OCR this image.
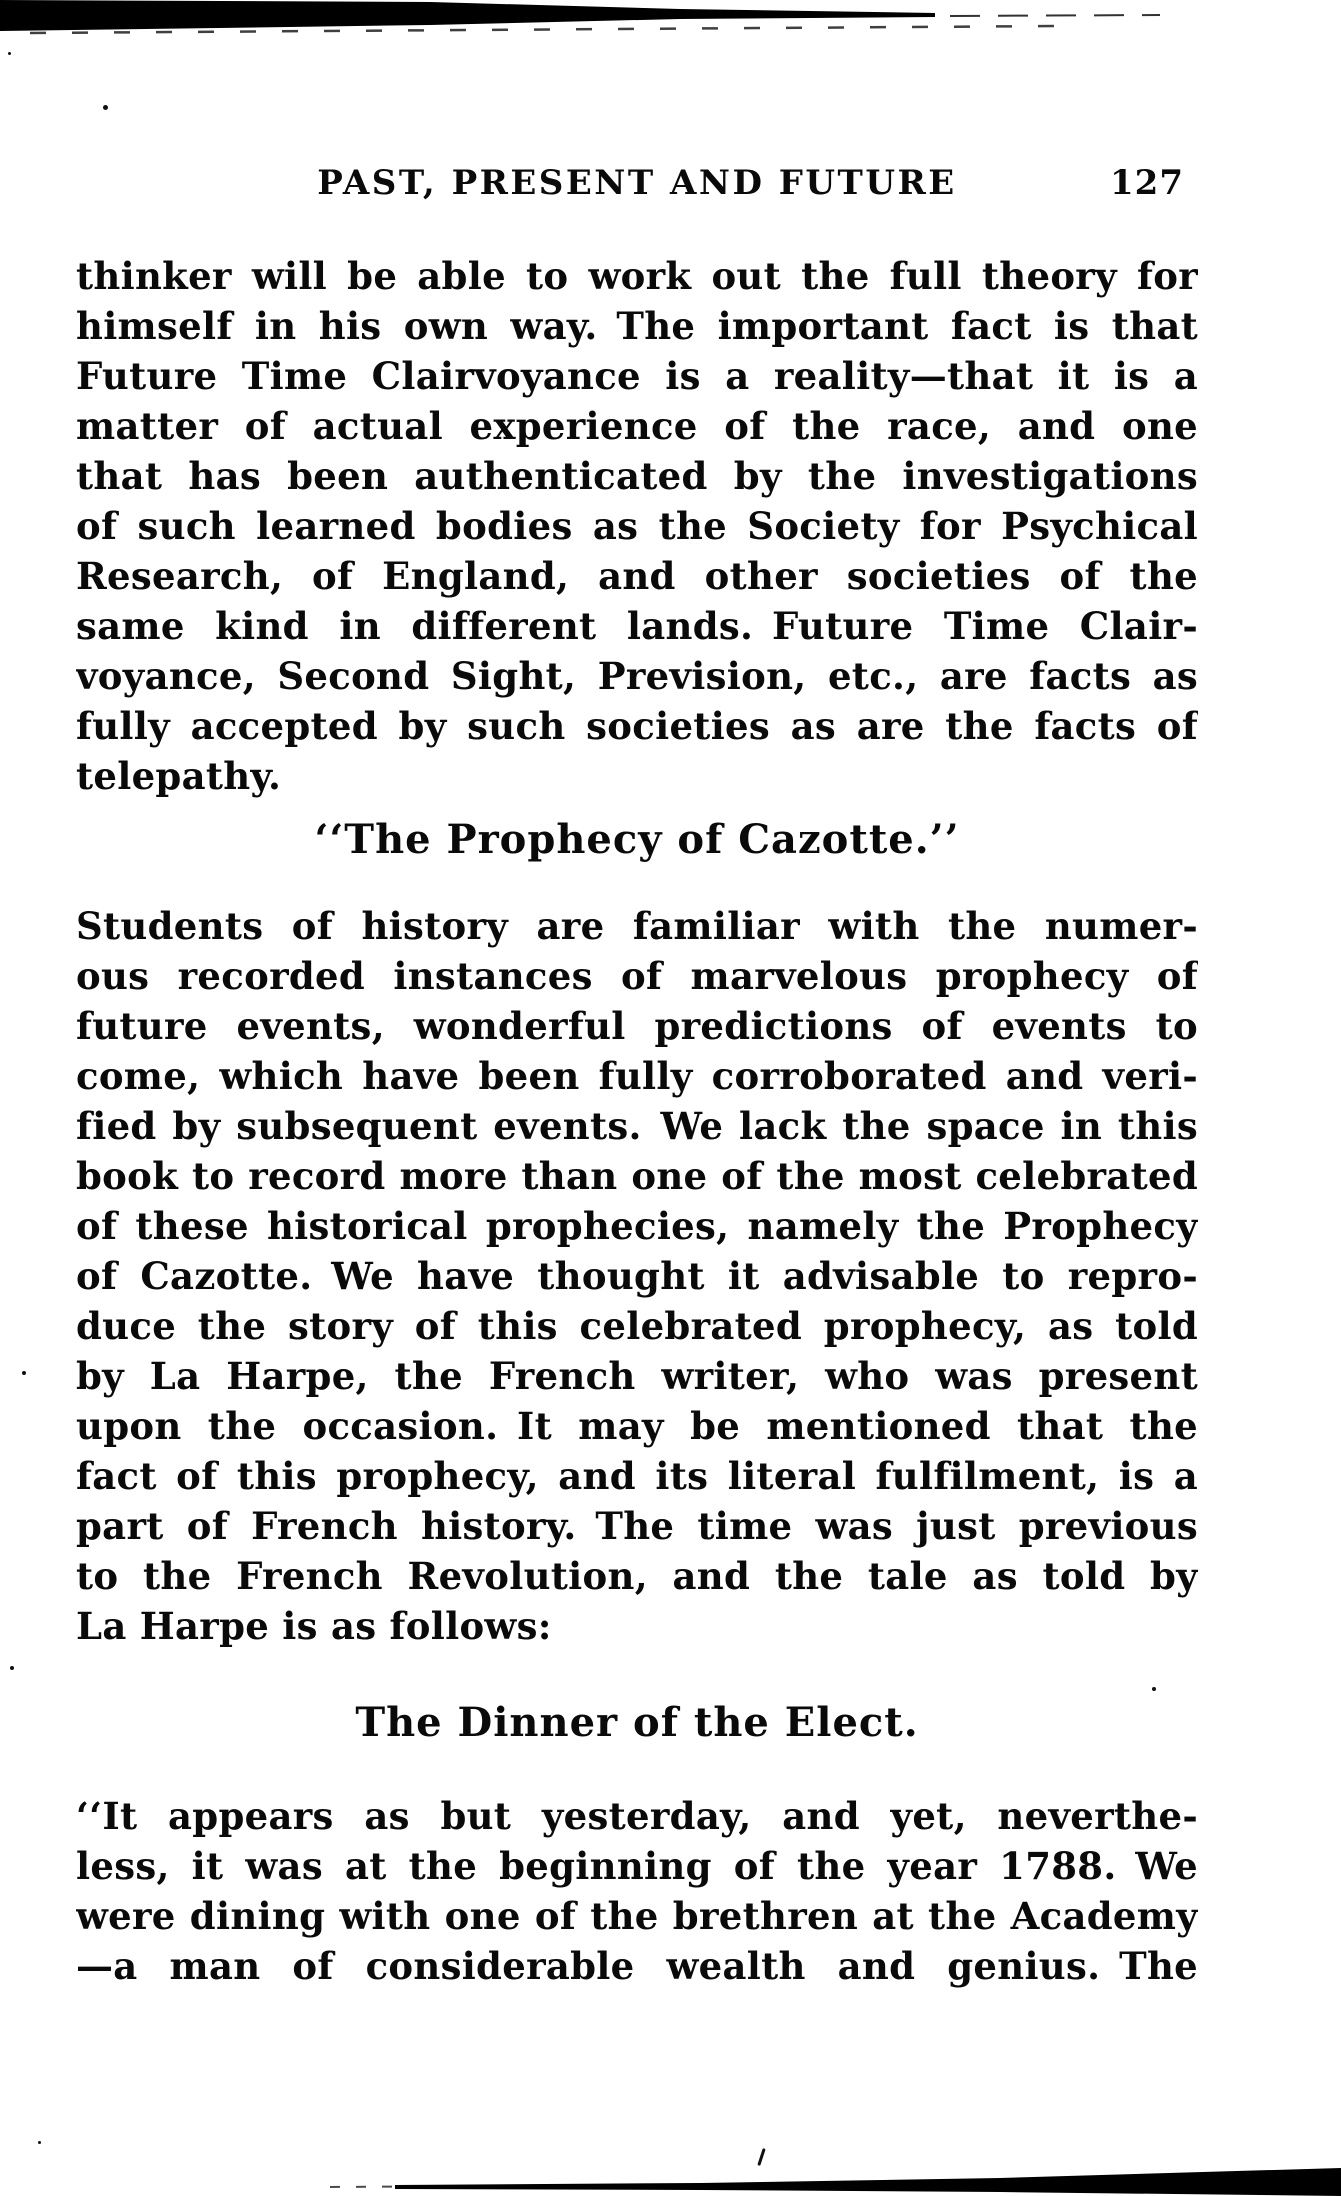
PAST, PRESENT AND FUTURE	127
thinker will be able to work out the full theory for
himself in his own way. The important fact is that
Future Time Clairvoyance is a reality—that it is a
matter of actual experience of the race, and one
that has been authenticated by the investigations
of such learned bodies as the Society for Psychical
Research, of England, and other societies of the
same kind in different lands. Future Time Clair-
voyance, Second Sight, Prevision, etc., are facts as
fully accepted by such societies as are the facts of
telepathy.
‘‘The Prophecy of Cazotte.’’
Students of history are familiar with the numer-
ous recorded instances of marvelous prophecy of
future events, wonderful predictions of events to
come, which have been fully corroborated and veri-
fied by subsequent events. We lack the space in this
book to record more than one of the most celebrated
of these historical prophecies, namely the Prophecy
of Cazotte. We have thought it advisable to repro-
duce the story of this celebrated prophecy, as told
by La Harpe, the French writer, who was present
upon the occasion. It may be mentioned that the
fact of this prophecy, and its literal fulfilment, is a
part of French history. The time was just previous
to the French Revolution, and the tale as told by
La Harpe is as follows:
The Dinner of the Elect.
‘‘It appears as but yesterday, and yet, neverthe-
less, it was at the beginning of the year 1788. We
were dining with one of the brethren at the Academy
—a man of considerable wealth and genius. The
